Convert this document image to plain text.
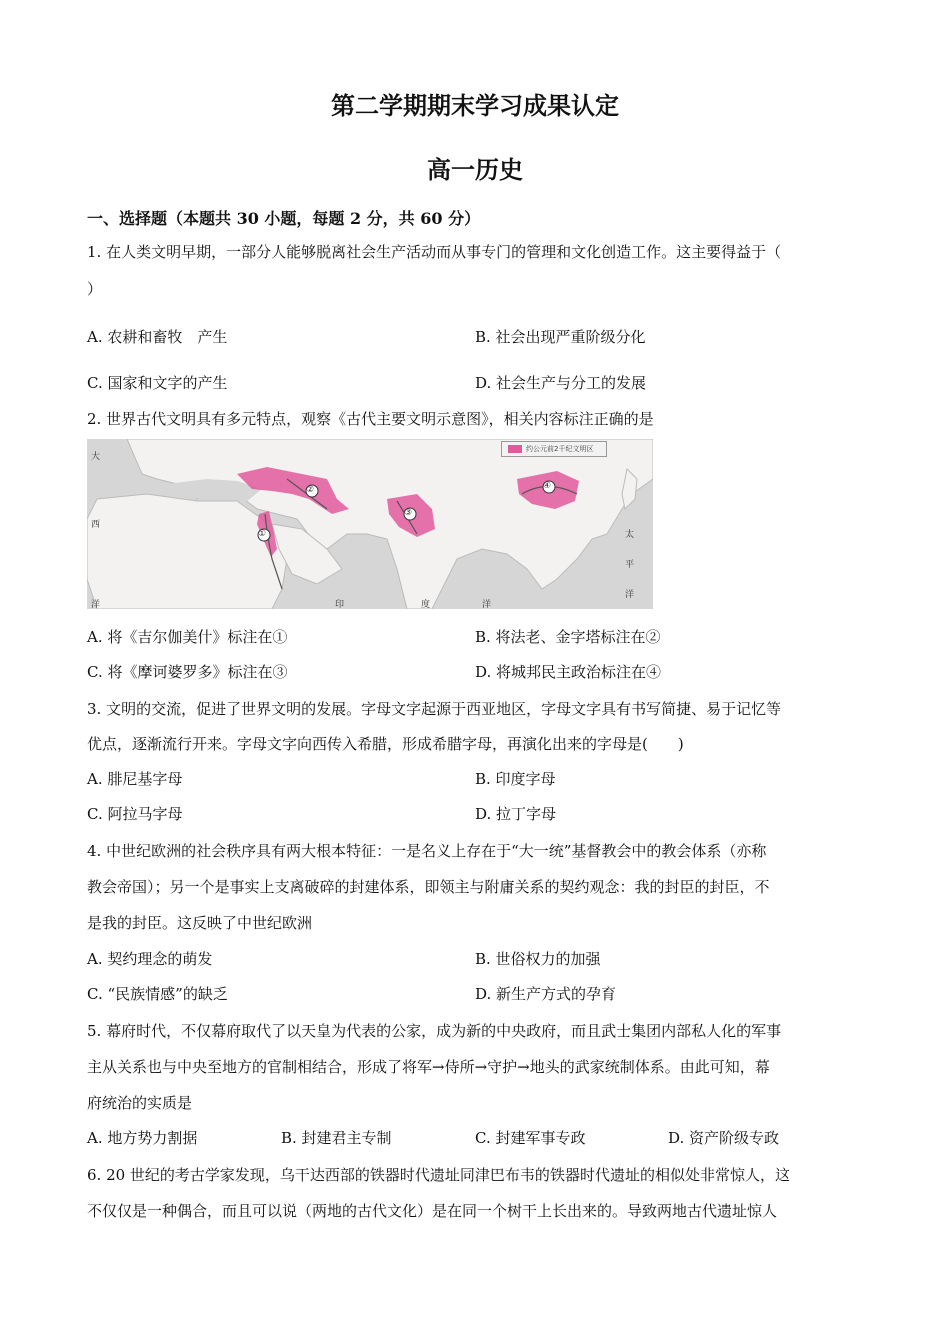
第二学期期末学习成果认定
高一历史
一、选择题（本题共 30 小题，每题 2 分，共 60 分）
1. 在人类文明早期，一部分人能够脱离社会生产活动而从事专门的管理和文化创造工作。这主要得益于（
）
A. 农耕和畜牧　产生	B. 社会出现严重阶级分化
C. 国家和文字的产生	D. 社会生产与分工的发展
2. 世界古代文明具有多元特点，观察《古代主要文明示意图》，相关内容标注正确的是
①
②
③
④
大
西
洋	印	度	洋
太
平
洋
约公元前2千纪文明区
A. 将《吉尔伽美什》标注在①	B. 将法老、金字塔标注在②
C. 将《摩诃婆罗多》标注在③	D. 将城邦民主政治标注在④
3. 文明的交流，促进了世界文明的发展。字母文字起源于西亚地区，字母文字具有书写简捷、易于记忆等
优点，逐渐流行开来。字母文字向西传入希腊，形成希腊字母，再演化出来的字母是(　　)
A. 腓尼基字母	B. 印度字母
C. 阿拉马字母	D. 拉丁字母
4. 中世纪欧洲的社会秩序具有两大根本特征：一是名义上存在于“大一统”基督教会中的教会体系（亦称
教会帝国）；另一个是事实上支离破碎的封建体系，即领主与附庸关系的契约观念：我的封臣的封臣，不
是我的封臣。这反映了中世纪欧洲
A. 契约理念的萌发	B. 世俗权力的加强
C. “民族情感”的缺乏	D. 新生产方式的孕育
5. 幕府时代，不仅幕府取代了以天皇为代表的公家，成为新的中央政府，而且武士集团内部私人化的军事
主从关系也与中央至地方的官制相结合，形成了将军→侍所→守护→地头的武家统制体系。由此可知，幕
府统治的实质是
A. 地方势力割据	B. 封建君主专制	C. 封建军事专政	D. 资产阶级专政
6. 20 世纪的考古学家发现，乌干达西部的铁器时代遗址同津巴布韦的铁器时代遗址的相似处非常惊人，这
不仅仅是一种偶合，而且可以说（两地的古代文化）是在同一个树干上长出来的。导致两地古代遗址惊人
